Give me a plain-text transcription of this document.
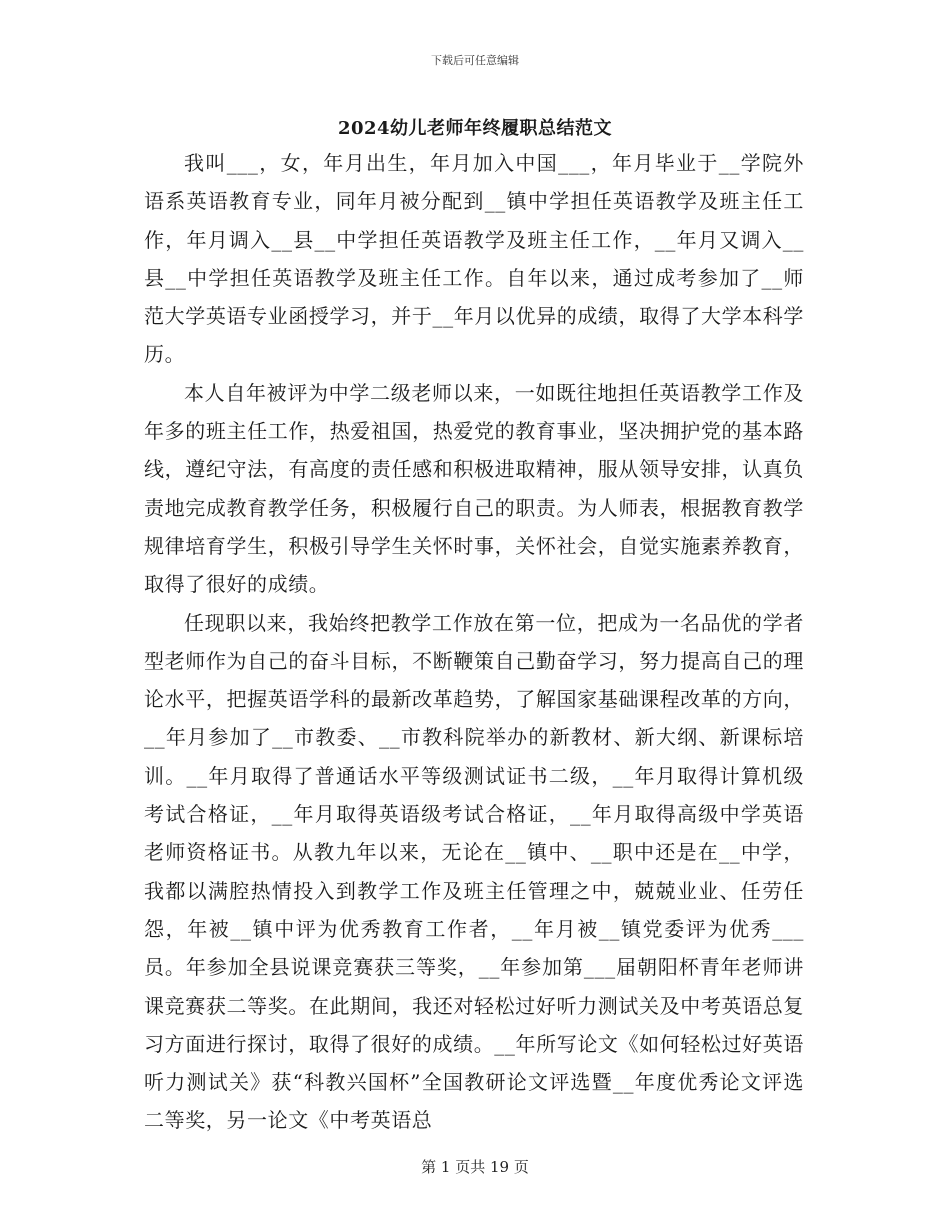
下载后可任意编辑
2024幼儿老师年终履职总结范文

我叫___，女，年月出生，年月加入中国___，年月毕业于__学院外语系英语教育专业，同年月被分配到__镇中学担任英语教学及班主任工作，年月调入__县__中学担任英语教学及班主任工作，__年月又调入__县__中学担任英语教学及班主任工作。自年以来，通过成考参加了__师范大学英语专业函授学习，并于__年月以优异的成绩，取得了大学本科学历。

本人自年被评为中学二级老师以来，一如既往地担任英语教学工作及年多的班主任工作，热爱祖国，热爱党的教育事业，坚决拥护党的基本路线，遵纪守法，有高度的责任感和积极进取精神，服从领导安排，认真负责地完成教育教学任务，积极履行自己的职责。为人师表，根据教育教学规律培育学生，积极引导学生关怀时事，关怀社会，自觉实施素养教育，取得了很好的成绩。

任现职以来，我始终把教学工作放在第一位，把成为一名品优的学者型老师作为自己的奋斗目标，不断鞭策自己勤奋学习，努力提高自己的理论水平，把握英语学科的最新改革趋势，了解国家基础课程改革的方向，__年月参加了__市教委、__市教科院举办的新教材、新大纲、新课标培训。__年月取得了普通话水平等级测试证书二级，__年月取得计算机级考试合格证，__年月取得英语级考试合格证，__年月取得高级中学英语老师资格证书。从教九年以来，无论在__镇中、__职中还是在__中学，我都以满腔热情投入到教学工作及班主任管理之中，兢兢业业、任劳任怨，年被__镇中评为优秀教育工作者，__年月被__镇党委评为优秀___员。年参加全县说课竞赛获三等奖，__年参加第___届朝阳杯青年老师讲课竞赛获二等奖。在此期间，我还对轻松过好听力测试关及中考英语总复习方面进行探讨，取得了很好的成绩。__年所写论文《如何轻松过好英语听力测试关》获“科教兴国杯”全国教研论文评选暨__年度优秀论文评选二等奖，另一论文《中考英语总

第 1 页共 19 页
